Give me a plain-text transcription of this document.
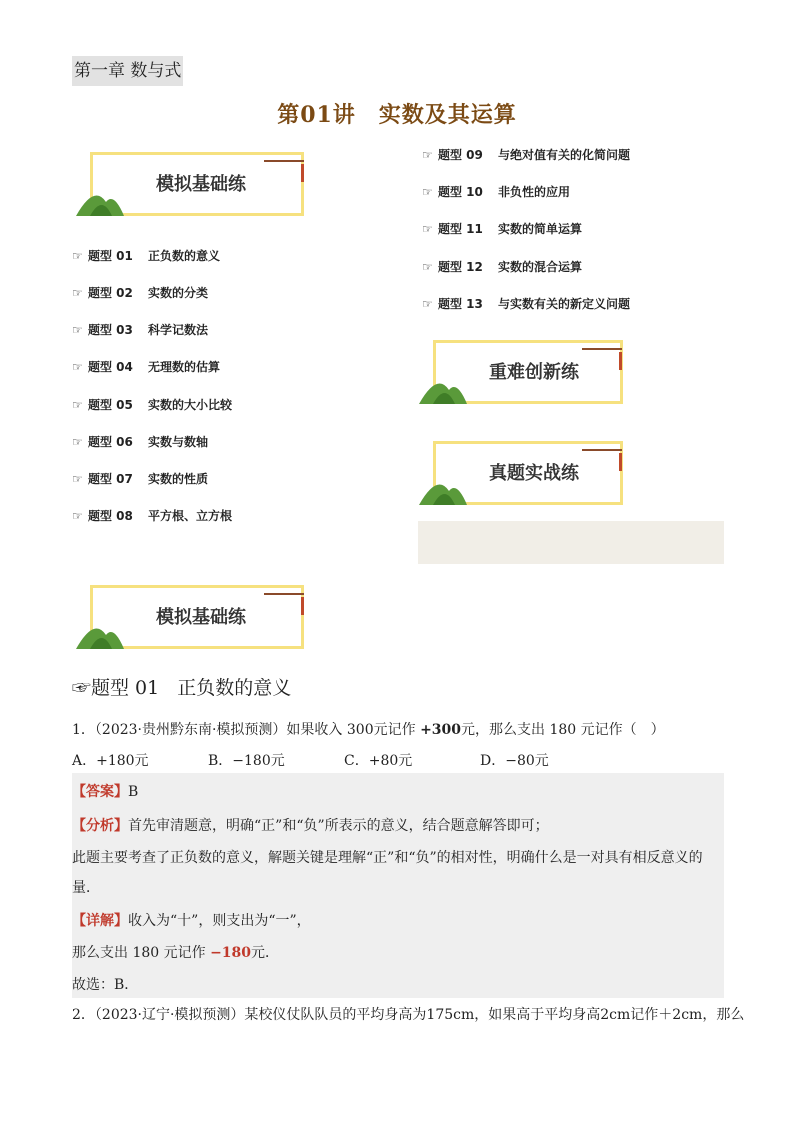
第一章 数与式
第01讲　实数及其运算
模拟基础练
重难创新练
真题实战练
☞ 题型 01 正负数的意义
☞ 题型 02 实数的分类
☞ 题型 03 科学记数法
☞ 题型 04 无理数的估算
☞ 题型 05 实数的大小比较
☞ 题型 06 实数与数轴
☞ 题型 07 实数的性质
☞ 题型 08 平方根、立方根
☞ 题型 09 与绝对值有关的化简问题
☞ 题型 10 非负性的应用
☞ 题型 11 实数的简单运算
☞ 题型 12 实数的混合运算
☞ 题型 13 与实数有关的新定义问题
模拟基础练
☞题型 01 正负数的意义
1．（2023·贵州黔东南·模拟预测）如果收入 300元记作 +300元，那么支出 180 元记作（　）
A．+180元	B．−180元	C．+80元	D．−80元
【答案】B
【分析】首先审清题意，明确“正”和“负”所表示的意义，结合题意解答即可；
此题主要考查了正负数的意义，解题关键是理解“正”和“负”的相对性，明确什么是一对具有相反意义的
量．
【详解】收入为“十”，则支出为“一”，
那么支出 180 元记作 −180元．
故选：B．
2．（2023·辽宁·模拟预测）某校仪仗队队员的平均身高为175cm，如果高于平均身高2cm记作＋2cm，那么
